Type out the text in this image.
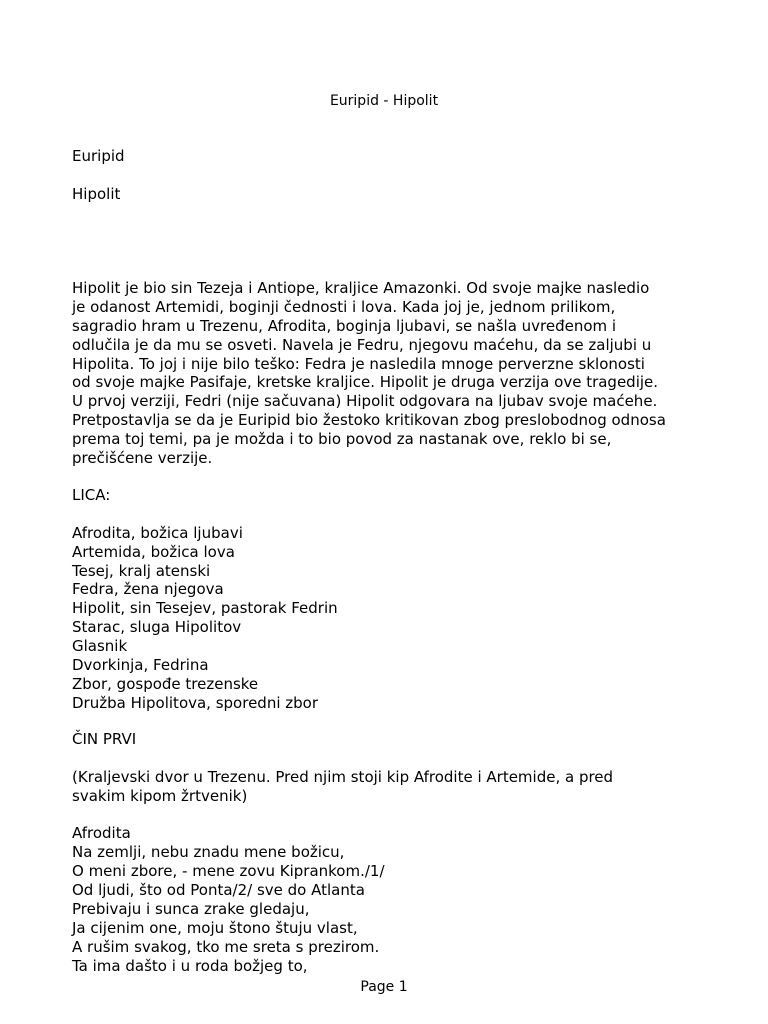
Euripid - Hipolit
Euripid
Hipolit
Hipolit je bio sin Tezeja i Antiope, kraljice Amazonki. Od svoje majke nasledio
je odanost Artemidi, boginji čednosti i lova. Kada joj je, jednom prilikom,
sagradio hram u Trezenu, Afrodita, boginja ljubavi, se našla uvređenom i
odlučila je da mu se osveti. Navela je Fedru, njegovu maćehu, da se zaljubi u
Hipolita. To joj i nije bilo teško: Fedra je nasledila mnoge perverzne sklonosti
od svoje majke Pasifaje, kretske kraljice. Hipolit je druga verzija ove tragedije.
U prvoj verziji, Fedri (nije sačuvana) Hipolit odgovara na ljubav svoje maćehe.
Pretpostavlja se da je Euripid bio žestoko kritikovan zbog preslobodnog odnosa
prema toj temi, pa je možda i to bio povod za nastanak ove, reklo bi se,
prečišćene verzije.
LICA:
Afrodita, božica ljubavi
Artemida, božica lova
Tesej, kralj atenski
Fedra, žena njegova
Hipolit, sin Tesejev, pastorak Fedrin
Starac, sluga Hipolitov
Glasnik
Dvorkinja, Fedrina
Zbor, gospođe trezenske
Družba Hipolitova, sporedni zbor
ČIN PRVI
(Kraljevski dvor u Trezenu. Pred njim stoji kip Afrodite i Artemide, a pred
svakim kipom žrtvenik)
Afrodita
Na zemlji, nebu znadu mene božicu,
O meni zbore, - mene zovu Kiprankom./1/
Od ljudi, što od Ponta/2/ sve do Atlanta
Prebivaju i sunca zrake gledaju,
Ja cijenim one, moju štono štuju vlast,
A rušim svakog, tko me sreta s prezirom.
Ta ima dašto i u roda božjeg to,
Page 1
